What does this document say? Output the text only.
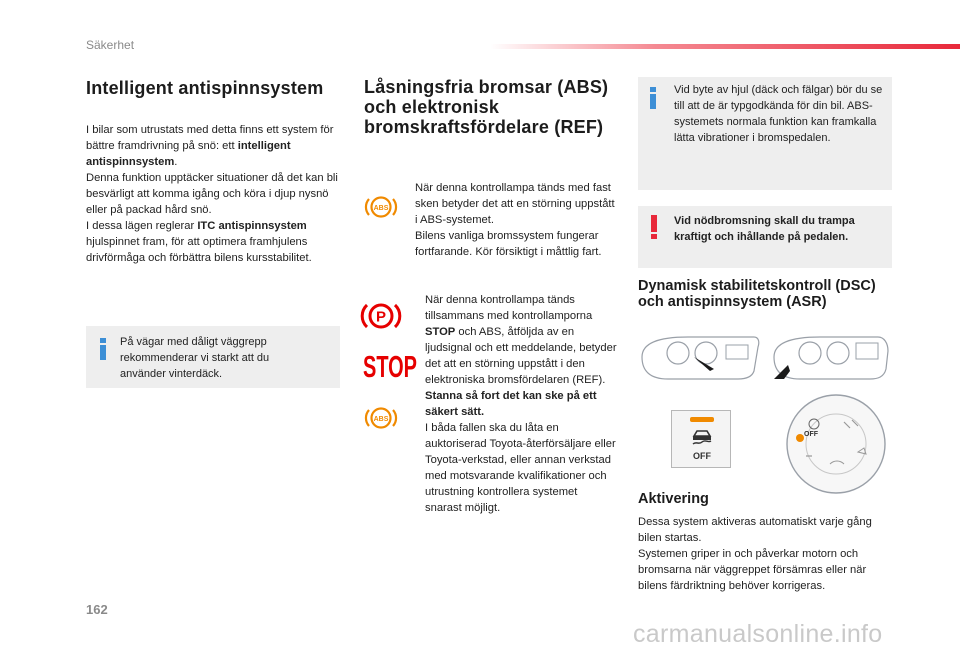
Säkerhet
Intelligent antispinnsystem

I bilar som utrustats med detta finns ett system för bättre framdrivning på snö: ett intelligent antispinnsystem.

Denna funktion upptäcker situationer då det kan bli besvärligt att komma igång och köra i djup nysnö eller på packad hård snö.

I dessa lägen reglerar ITC antispinnsystem hjulspinnet fram, för att optimera framhjulens drivförmåga och förbättra bilens kursstabilitet.

På vägar med dåligt väggrepp rekommenderar vi starkt att du använder vinterdäck.
Låsningsfria bromsar (ABS) och elektronisk bromskraftsfördelare (REF)
ABS

När denna kontrollampa tänds med fast sken betyder det att en störning uppstått i ABS-systemet.

Bilens vanliga bromssystem fungerar fortfarande. Kör försiktigt i måttlig fart.

P
STOP
ABS

När denna kontrollampa tänds tillsammans med kontrollamporna STOP och ABS, åtföljda av en ljudsignal och ett meddelande, betyder det att en störning uppstått i den elektroniska bromsfördelaren (REF).

Stanna så fort det kan ske på ett säkert sätt.

I båda fallen ska du låta en auktoriserad Toyota-återförsäljare eller Toyota-verkstad, eller annan verkstad med motsvarande kvalifikationer och utrustning kontrollera systemet snarast möjligt.

Vid byte av hjul (däck och fälgar) bör du se till att de är typgodkända för din bil. ABS-systemets normala funktion kan framkalla lätta vibrationer i bromspedalen.
Vid nödbromsning skall du trampa kraftigt och ihållande på pedalen.
Dynamisk stabilitetskontroll (DSC) och antispinnsystem (ASR)
OFF
OFF
Aktivering

Dessa system aktiveras automatiskt varje gång bilen startas.

Systemen griper in och påverkar motorn och bromsarna när väggreppet försämras eller när bilens färdriktning behöver korrigeras.

162
carmanualsonline.info
